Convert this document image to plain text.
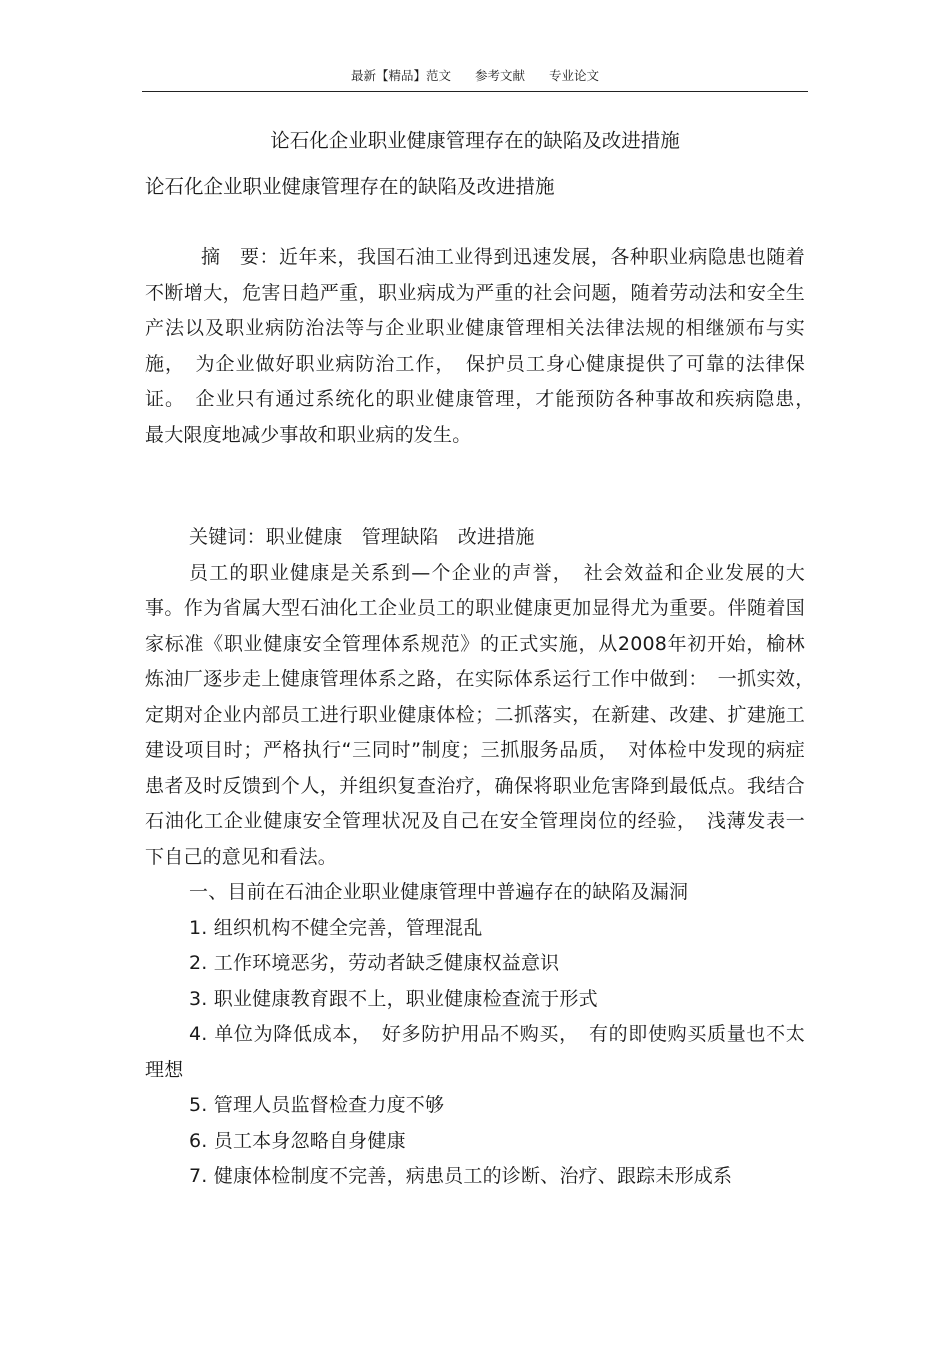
最新【精品】范文 参考文献 专业论文
论石化企业职业健康管理存在的缺陷及改进措施
论石化企业职业健康管理存在的缺陷及改进措施

摘　要：近年来，我国石油工业得到迅速发展，各种职业病隐患也随着不断增大，危害日趋严重，职业病成为严重的社会问题，随着劳动法和安全生产法以及职业病防治法等与企业职业健康管理相关法律法规的相继颁布与实施，　为企业做好职业病防治工作，　保护员工身心健康提供了可靠的法律保证。　企业只有通过系统化的职业健康管理，才能预防各种事故和疾病隐患，　最大限度地减少事故和职业病的发生。

关键词：职业健康　管理缺陷　改进措施

员工的职业健康是关系到—个企业的声誉，　社会效益和企业发展的大事。作为省属大型石油化工企业员工的职业健康更加显得尤为重要。伴随着国家标准《职业健康安全管理体系规范》的正式实施，从2008年初开始，榆林炼油厂逐步走上健康管理体系之路，在实际体系运行工作中做到：　一抓实效，　定期对企业内部员工进行职业健康体检；二抓落实，在新建、改建、扩建施工建设项目时；严格执行“三同时”制度；三抓服务品质，　对体检中发现的病症患者及时反馈到个人，并组织复查治疗，确保将职业危害降到最低点。我结合石油化工企业健康安全管理状况及自己在安全管理岗位的经验，　浅薄发表一下自己的意见和看法。

一、目前在石油企业职业健康管理中普遍存在的缺陷及漏洞

1. 组织机构不健全完善，管理混乱

2. 工作环境恶劣，劳动者缺乏健康权益意识

3. 职业健康教育跟不上，职业健康检查流于形式

4. 单位为降低成本，　好多防护用品不购买，　有的即使购买质量也不太理想

5. 管理人员监督检查力度不够

6. 员工本身忽略自身健康

7. 健康体检制度不完善，病患员工的诊断、治疗、跟踪未形成系
